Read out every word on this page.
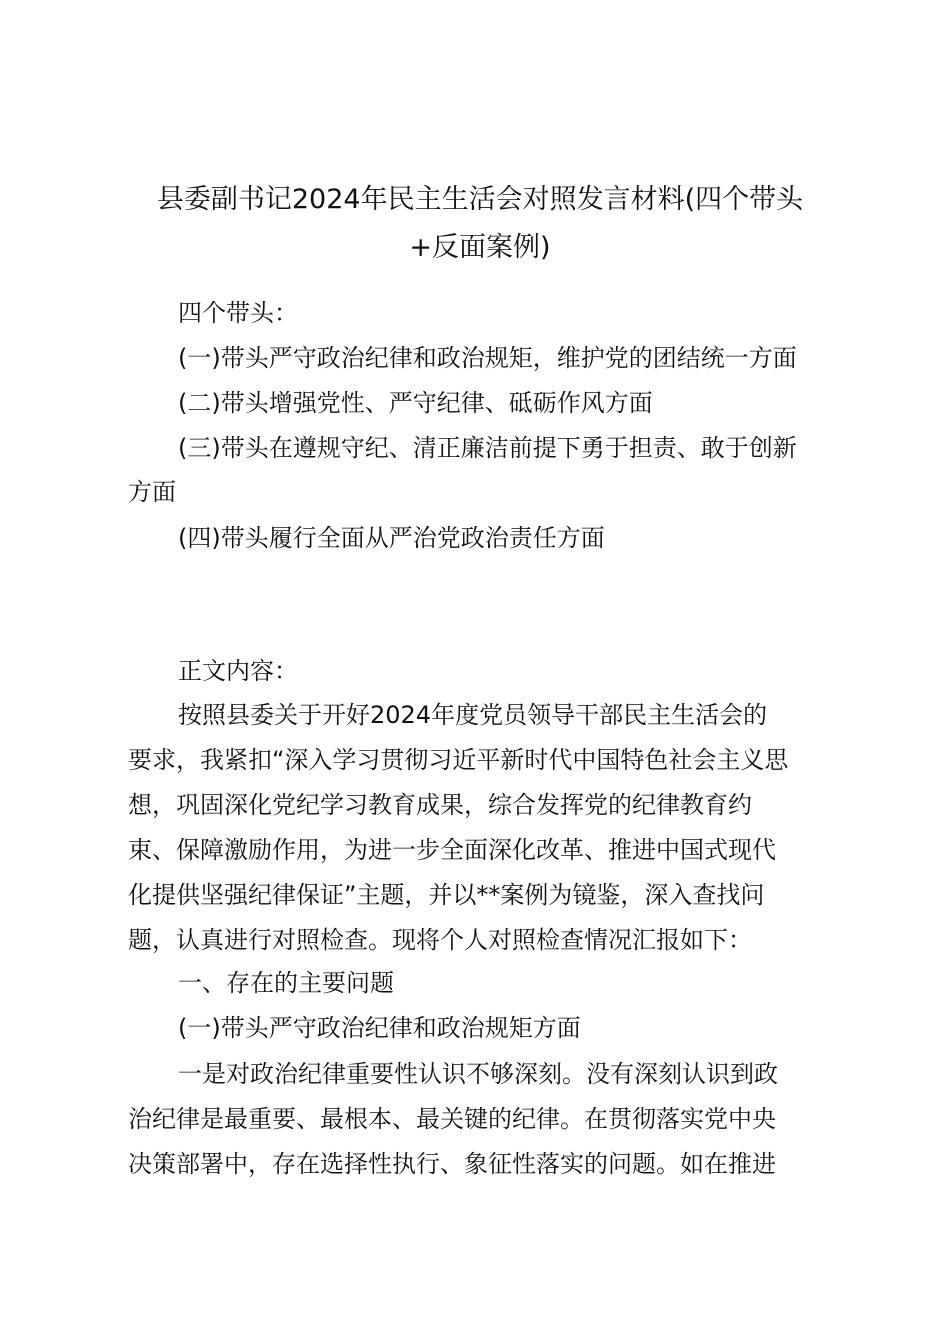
县委副书记2024年民主生活会对照发言材料(四个带头
+反面案例)
四个带头：
(一)带头严守政治纪律和政治规矩，维护党的团结统一方面
(二)带头增强党性、严守纪律、砥砺作风方面
(三)带头在遵规守纪、清正廉洁前提下勇于担责、敢于创新
方面
(四)带头履行全面从严治党政治责任方面
正文内容：
按照县委关于开好2024年度党员领导干部民主生活会的
要求，我紧扣“深入学习贯彻习近平新时代中国特色社会主义思
想，巩固深化党纪学习教育成果，综合发挥党的纪律教育约
束、保障激励作用，为进一步全面深化改革、推进中国式现代
化提供坚强纪律保证”主题，并以**案例为镜鉴，深入查找问
题，认真进行对照检查。现将个人对照检查情况汇报如下：
一、存在的主要问题
(一)带头严守政治纪律和政治规矩方面
一是对政治纪律重要性认识不够深刻。没有深刻认识到政
治纪律是最重要、最根本、最关键的纪律。在贯彻落实党中央
决策部署中，存在选择性执行、象征性落实的问题。如在推进
